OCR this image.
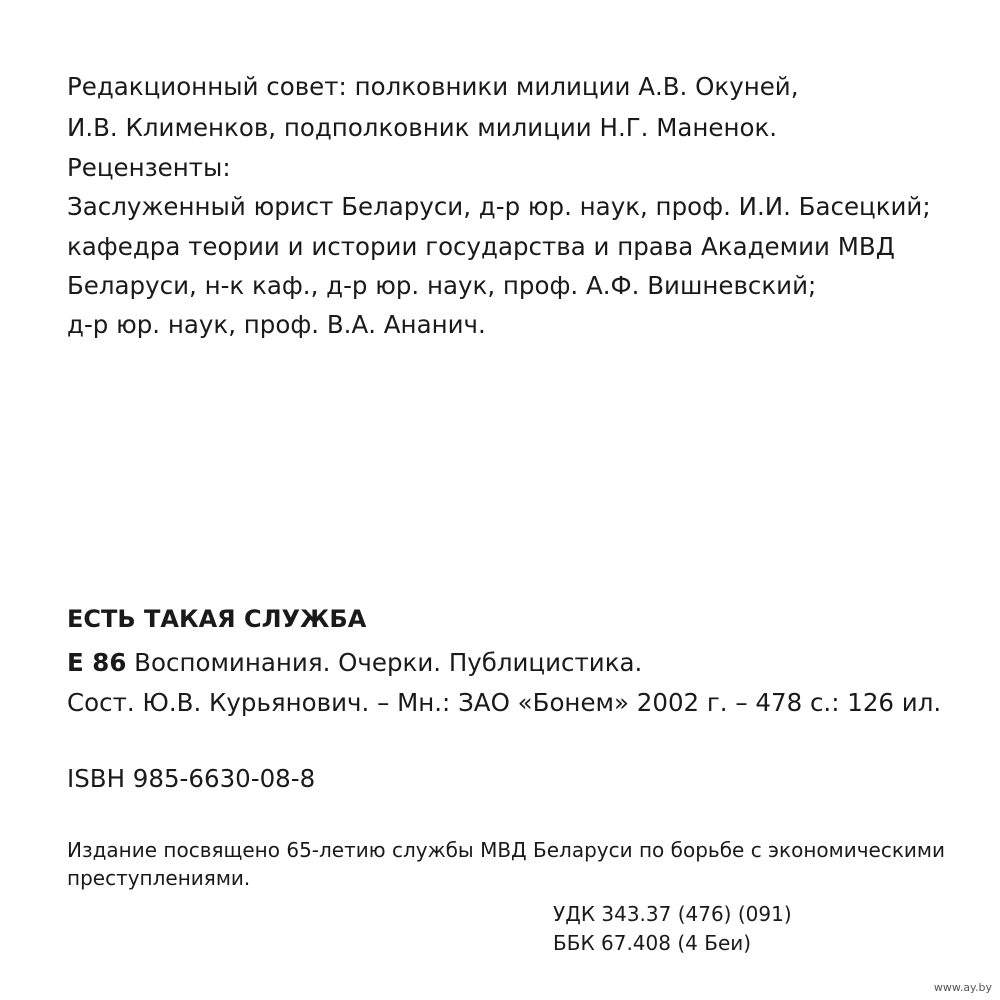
Редакционный совет: полковники милиции А.В. Окуней,
И.В. Клименков, подполковник милиции Н.Г. Маненок.
Рецензенты:
Заслуженный юрист Беларуси, д-р юр. наук, проф. И.И. Басецкий;
кафедра теории и истории государства и права Академии МВД
Беларуси, н-к каф., д-р юр. наук, проф. А.Ф. Вишневский;
д-р юр. наук, проф. В.А. Ананич.
ЕСТЬ ТАКАЯ СЛУЖБА
Е 86 Воспоминания. Очерки. Публицистика.
Сост. Ю.В. Курьянович. – Мн.: ЗАО «Бонем» 2002 г. – 478 с.: 126 ил.
ISBH 985-6630-08-8
Издание посвящено 65-летию службы МВД Беларуси по борьбе с экономическими
преступлениями.
УДК 343.37 (476) (091)
ББК 67.408 (4 Беи)
www.ay.by
